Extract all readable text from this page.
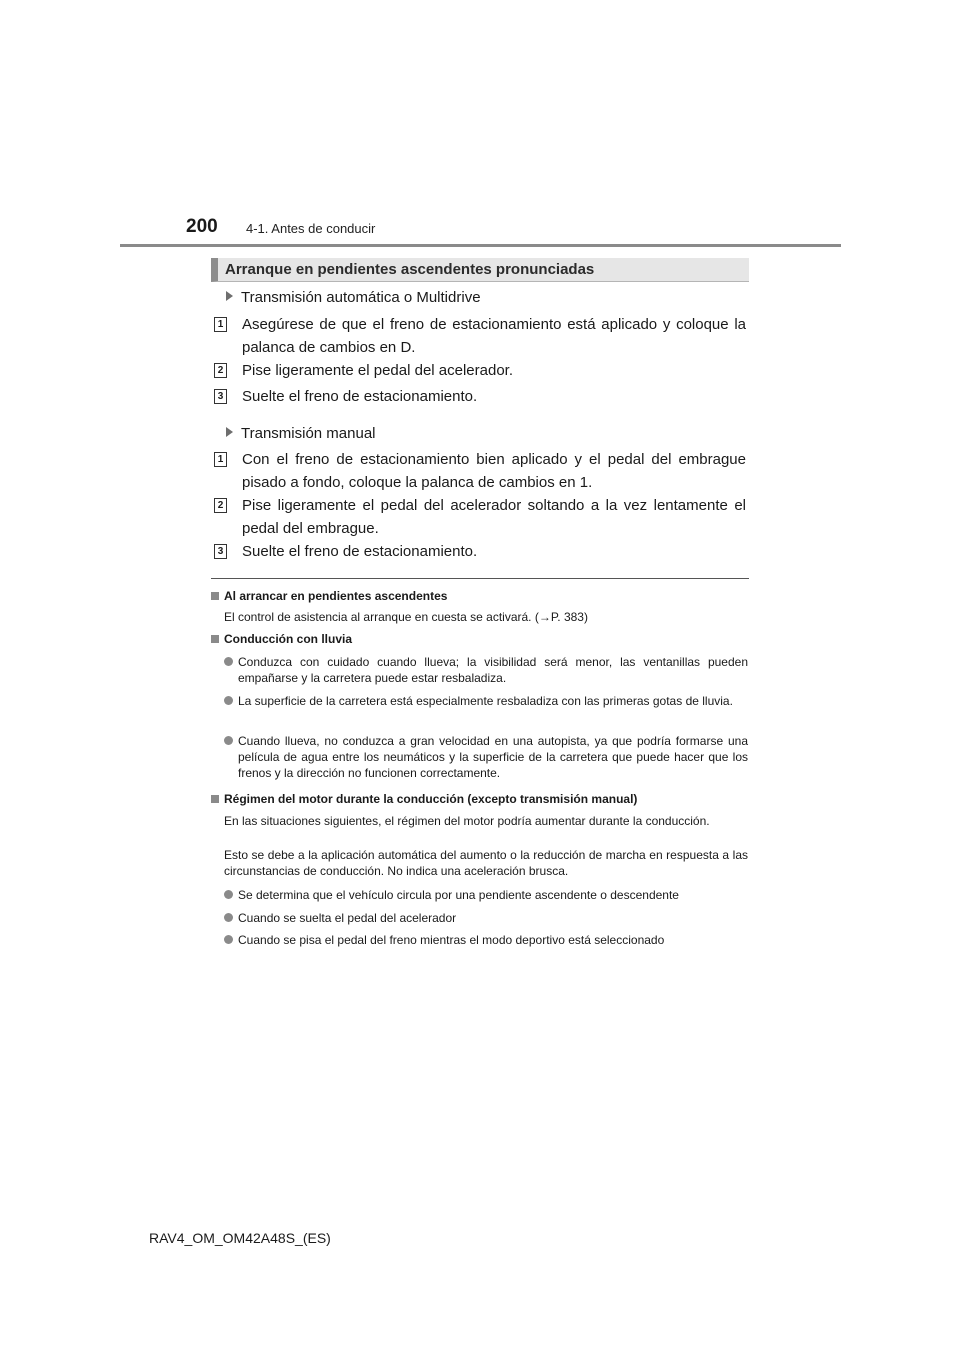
200 4-1. Antes de conducir
Arranque en pendientes ascendentes pronunciadas
Transmisión automática o Multidrive
1 Asegúrese de que el freno de estacionamiento está aplicado y coloque la palanca de cambios en D.
2 Pise ligeramente el pedal del acelerador.
3 Suelte el freno de estacionamiento.
Transmisión manual
1 Con el freno de estacionamiento bien aplicado y el pedal del embrague pisado a fondo, coloque la palanca de cambios en 1.
2 Pise ligeramente el pedal del acelerador soltando a la vez lentamente el pedal del embrague.
3 Suelte el freno de estacionamiento.
Al arrancar en pendientes ascendentes
El control de asistencia al arranque en cuesta se activará. (→P. 383)
Conducción con lluvia
Conduzca con cuidado cuando llueva; la visibilidad será menor, las ventanillas pueden empañarse y la carretera puede estar resbaladiza.
La superficie de la carretera está especialmente resbaladiza con las primeras gotas de lluvia.
Cuando llueva, no conduzca a gran velocidad en una autopista, ya que podría formarse una película de agua entre los neumáticos y la superficie de la carretera que puede hacer que los frenos y la dirección no funcionen correctamente.
Régimen del motor durante la conducción (excepto transmisión manual)
En las situaciones siguientes, el régimen del motor podría aumentar durante la conducción.
Esto se debe a la aplicación automática del aumento o la reducción de marcha en respuesta a las circunstancias de conducción. No indica una aceleración brusca.
Se determina que el vehículo circula por una pendiente ascendente o descendente
Cuando se suelta el pedal del acelerador
Cuando se pisa el pedal del freno mientras el modo deportivo está seleccionado
RAV4_OM_OM42A48S_(ES)
